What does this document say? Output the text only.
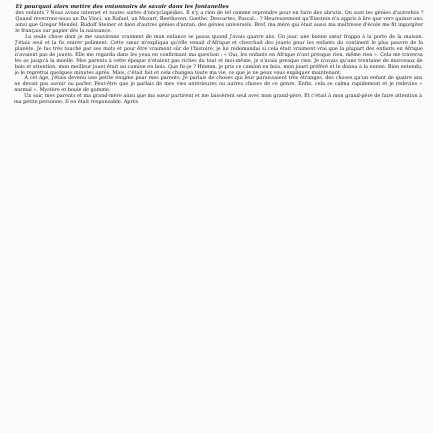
Et pourquoi alors mettre des entonnoirs de savoir dans les fontanelles

des enfants ? Nous avons internet et toutes sortes d'encyclopédies. Il n'y a rien de tel comme reprendre pour en faire des abrutis. On sont les génies d'autrefois ? Quand reverrons-nous un Da Vinci, un Rafael, un Mozart, Beethoven, Goethe, Descartes, Pascal... ? Heureusement qu'Einstein n'a appris à lire que vers quinze ans, ainsi que Gregor Mendel, Rudolf Steiner et bien d'autres génies d'antan, des génies universels. Bref, ma mère qui était aussi ma maîtresse d'école me fit ingurgiter le français sur papier dès la naissance.

La seule chose dont je me souvienne vraiment de mon enfance se passa quand j'avais quatre ans. Un jour, une bonne sœur frappa à la porte de la maison. J'étais seul et la fis entrer poliment. Cette sœur m'expliqua qu'elle venait d'Afrique et cherchait des jouets pour les enfants du continent le plus pauvre de la planète. Je fus très touché par ses mots et pour être vraiment sûr de l'histoire, je lui redemandai si cela était vraiment vrai que la plupart des enfants en Afrique n'avaient pas de jouets. Elle me regarda dans les yeux en confirmant ma question : « Oui, les enfants en Afrique n'ont presque rien, même rien ». Cela me traversa les os jusqu'à la moelle. Mes parents à cette époque n'étaient pas riches du tout et moi-même, je n'avais presque rien. Je n'avais qu'une trentaine de morceaux de bois et attention, mon meilleur jouet était un camion en bois. Que fis-je ? Hmmm, je pris ce camion en bois, mon jouet préféré et le donna à la nonne. Bien entendu, je le regrettai quelques minutes après. Mais, c'était fait et cela changea toute ma vie, ce que je ne peux vous expliquer maintenant.

À cet âge, j'étais devenu une petite énigme pour mes parents. Je parlais de choses qui leur paraissaient très étranges, des choses qu'un enfant de quatre ans ne devait pas savoir ou parler. Peut-être que je parlais de mes vies antérieures ou autres choses de ce genre. Enfin, cela se calma rapidement et je redevins « normal ». Mystère et boule de gomme.

Un soir, mes parents et ma grand-mère ainsi que ma sœur partirent et me laissèrent seul avec mon grand-père. Et c'était à mon grand-père de faire attention à ma petite personne. Il en était responsable. Après
